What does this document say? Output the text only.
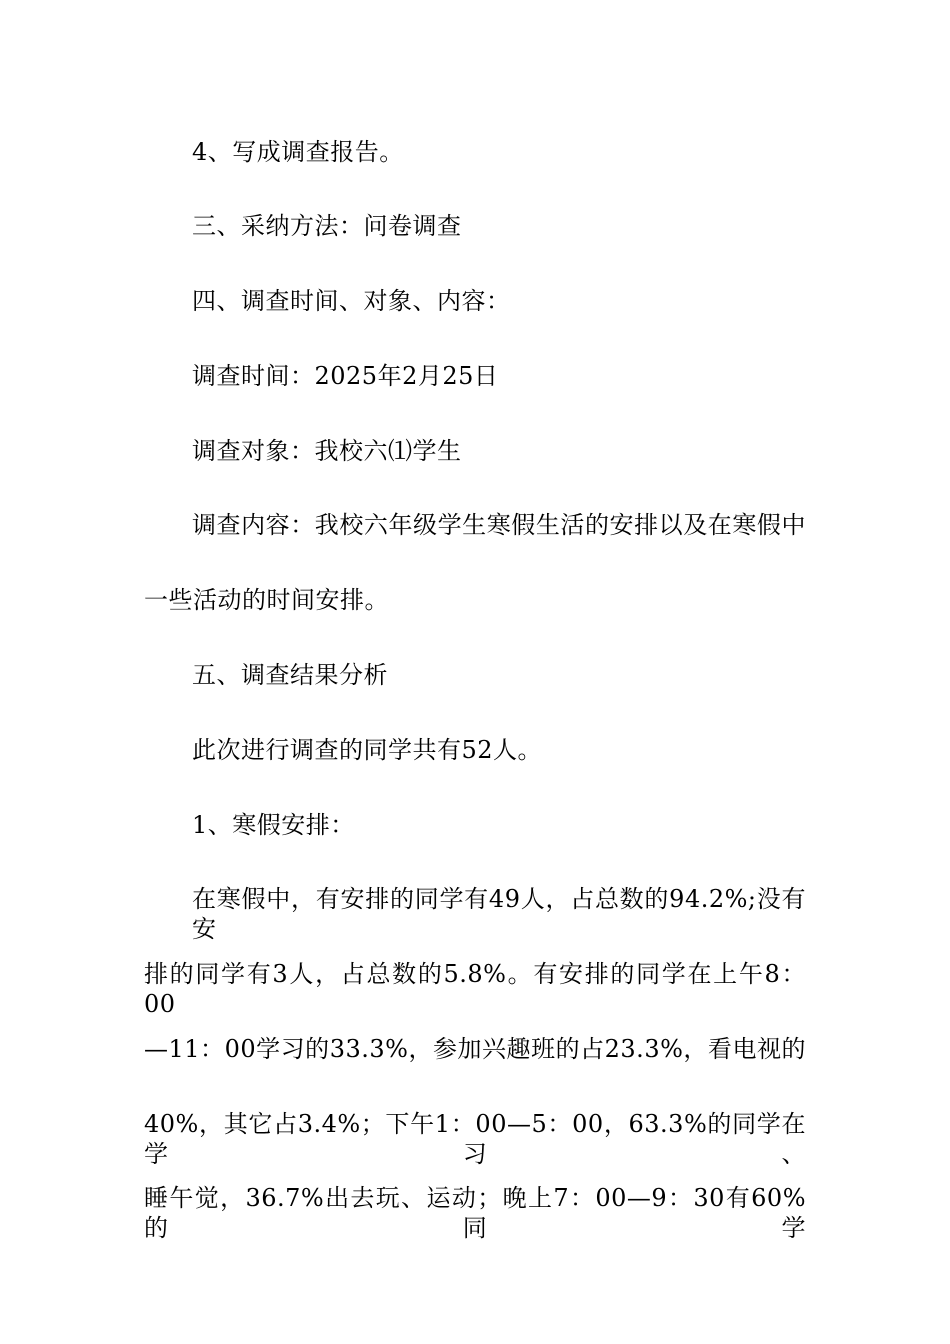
4、写成调查报告。
三、采纳方法：问卷调查
四、调查时间、对象、内容：
调查时间：2025年2月25日
调查对象：我校六⑴学生
调查内容：我校六年级学生寒假生活的安排以及在寒假中
一些活动的时间安排。
五、调查结果分析
此次进行调查的同学共有52人。
1、寒假安排：
在寒假中，有安排的同学有49人，占总数的94.2%;没有安
排的同学有3人，占总数的5.8%。有安排的同学在上午8：00
—11：00学习的33.3%，参加兴趣班的占23.3%，看电视的
40%，其它占3.4%；下午1：00—5：00，63.3%的同学在学习、
睡午觉，36.7%出去玩、运动；晚上7：00—9：30有60%的同学
